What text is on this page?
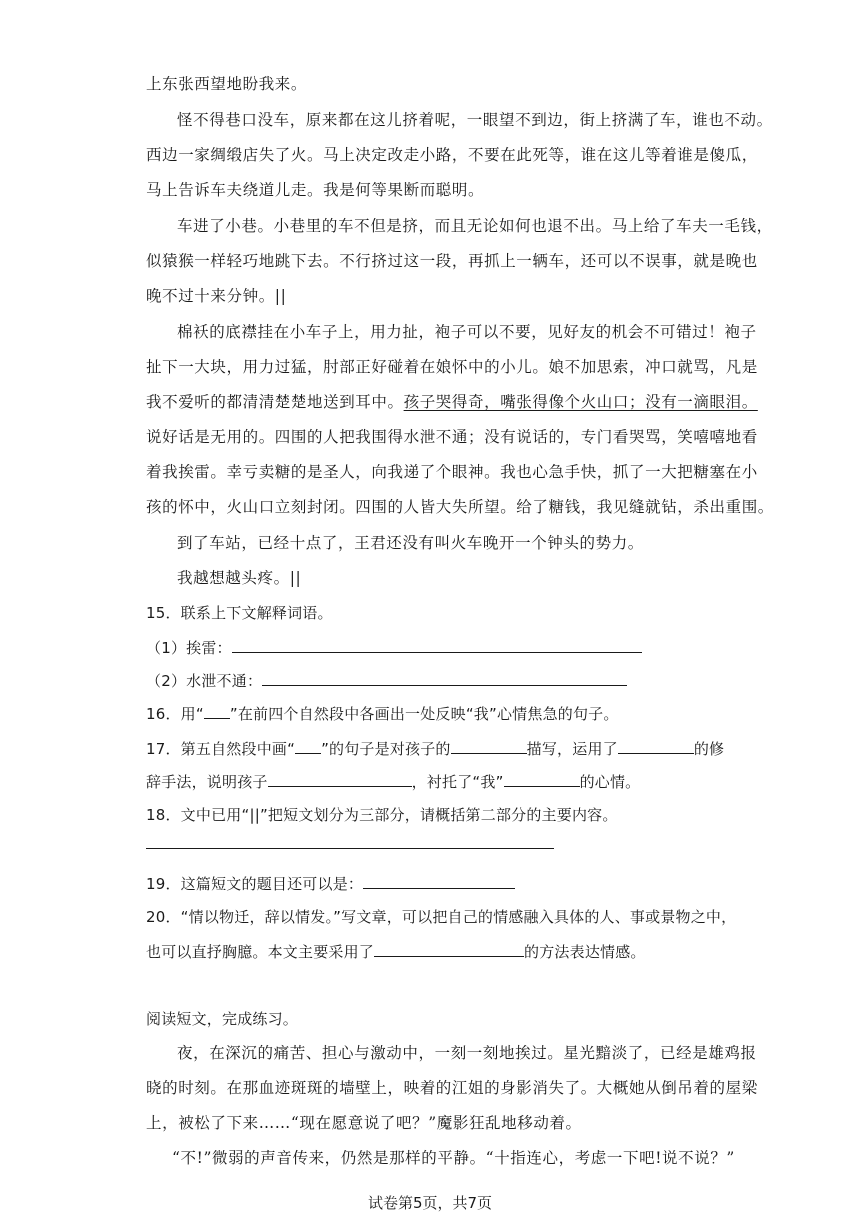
上东张西望地盼我来。
怪不得巷口没车，原来都在这儿挤着呢，一眼望不到边，街上挤满了车，谁也不动。
西边一家绸缎店失了火。马上决定改走小路，不要在此死等，谁在这儿等着谁是傻瓜，
马上告诉车夫绕道儿走。我是何等果断而聪明。
车进了小巷。小巷里的车不但是挤，而且无论如何也退不出。马上给了车夫一毛钱，
似猿猴一样轻巧地跳下去。不行挤过这一段，再抓上一辆车，还可以不误事，就是晚也
晚不过十来分钟。||
棉袄的底襟挂在小车子上，用力扯，袍子可以不要，见好友的机会不可错过！袍子
扯下一大块，用力过猛，肘部正好碰着在娘怀中的小儿。娘不加思索，冲口就骂，凡是
我不爱听的都清清楚楚地送到耳中。孩子哭得奇，嘴张得像个火山口；没有一滴眼泪。
说好话是无用的。四围的人把我围得水泄不通；没有说话的，专门看哭骂，笑嘻嘻地看
着我挨雷。幸亏卖糖的是圣人，向我递了个眼神。我也心急手快，抓了一大把糖塞在小
孩的怀中，火山口立刻封闭。四围的人皆大失所望。给了糖钱，我见缝就钻，杀出重围。
到了车站，已经十点了，王君还没有叫火车晚开一个钟头的势力。
我越想越头疼。||
15．联系上下文解释词语。
（1）挨雷：
（2）水泄不通：
16．用“ ”在前四个自然段中各画出一处反映“我”心情焦急的句子。
17．第五自然段中画“ ”的句子是对孩子的	描写，运用了	的修
辞手法，说明孩子	，衬托了“我”	的心情。
18．文中已用“||”把短文划分为三部分，请概括第二部分的主要内容。
19．这篇短文的题目还可以是：
20．“情以物迁，辞以情发。”写文章，可以把自己的情感融入具体的人、事或景物之中，
也可以直抒胸臆。本文主要采用了	的方法表达情感。
阅读短文，完成练习。
夜，在深沉的痛苦、担心与激动中，一刻一刻地挨过。星光黯淡了，已经是雄鸡报
晓的时刻。在那血迹斑斑的墙壁上，映着的江姐的身影消失了。大概她从倒吊着的屋梁
上，被松了下来……“现在愿意说了吧？”魔影狂乱地移动着。
“不!”微弱的声音传来，仍然是那样的平静。“十指连心，考虑一下吧!说不说？”
试卷第5页，共7页
